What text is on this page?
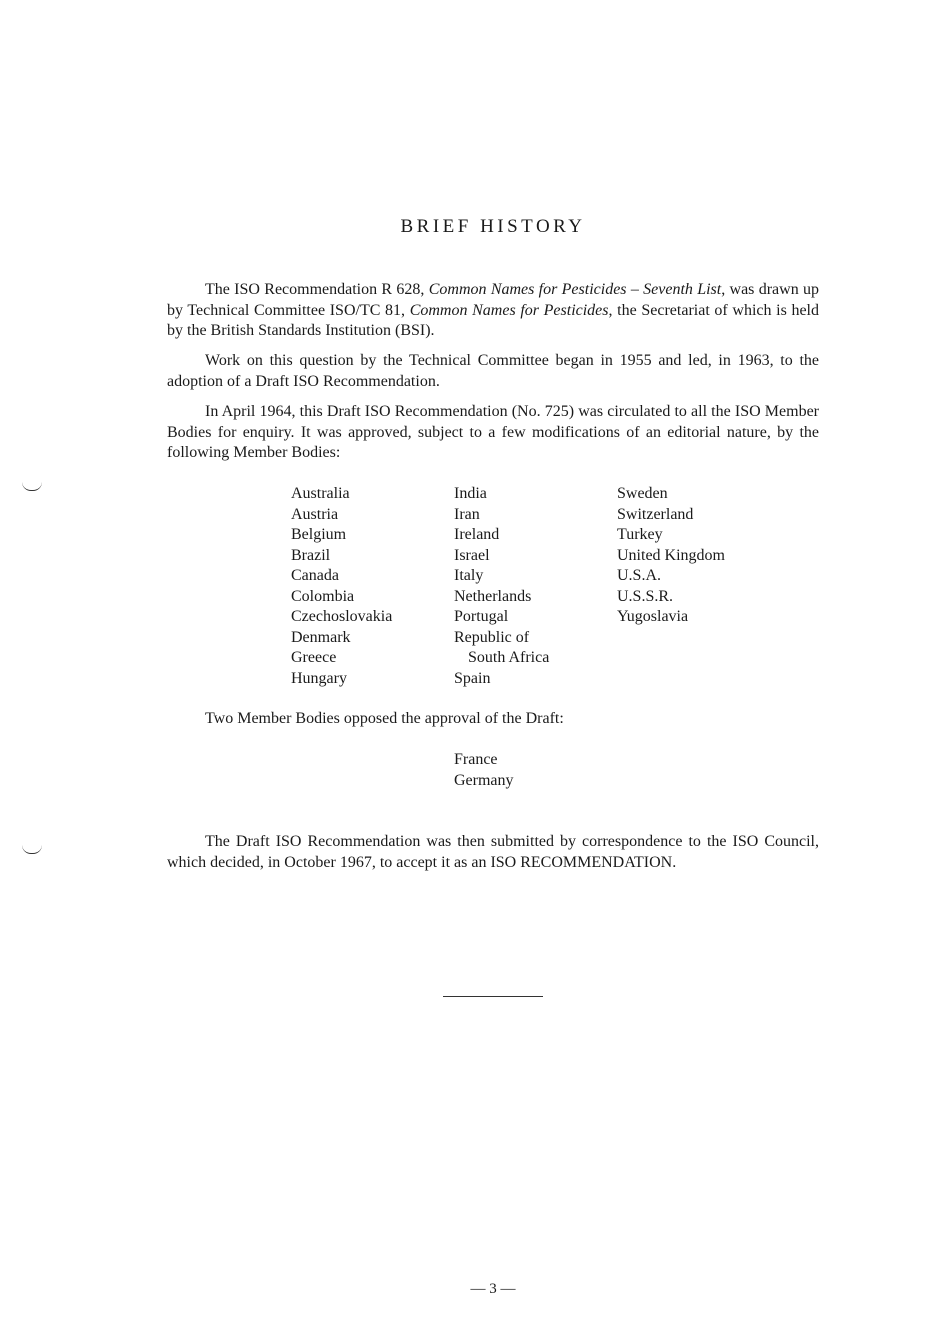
BRIEF HISTORY

The ISO Recommendation R 628, Common Names for Pesticides – Seventh List, was drawn up by Technical Committee ISO/TC 81, Common Names for Pesticides, the Secretariat of which is held by the British Standards Institution (BSI).

Work on this question by the Technical Committee began in 1955 and led, in 1963, to the adoption of a Draft ISO Recommendation.

In April 1964, this Draft ISO Recommendation (No. 725) was circulated to all the ISO Member Bodies for enquiry. It was approved, subject to a few modifications of an editorial nature, by the following Member Bodies:

Australia
Austria
Belgium
Brazil
Canada
Colombia
Czechoslovakia
Denmark
Greece
Hungary
India
Iran
Ireland
Israel
Italy
Netherlands
Portugal
Republic of
South Africa
Spain
Sweden
Switzerland
Turkey
United Kingdom
U.S.A.
U.S.S.R.
Yugoslavia

Two Member Bodies opposed the approval of the Draft:

France
Germany

The Draft ISO Recommendation was then submitted by correspondence to the ISO Council, which decided, in October 1967, to accept it as an ISO RECOMMENDATION.

— 3 —
